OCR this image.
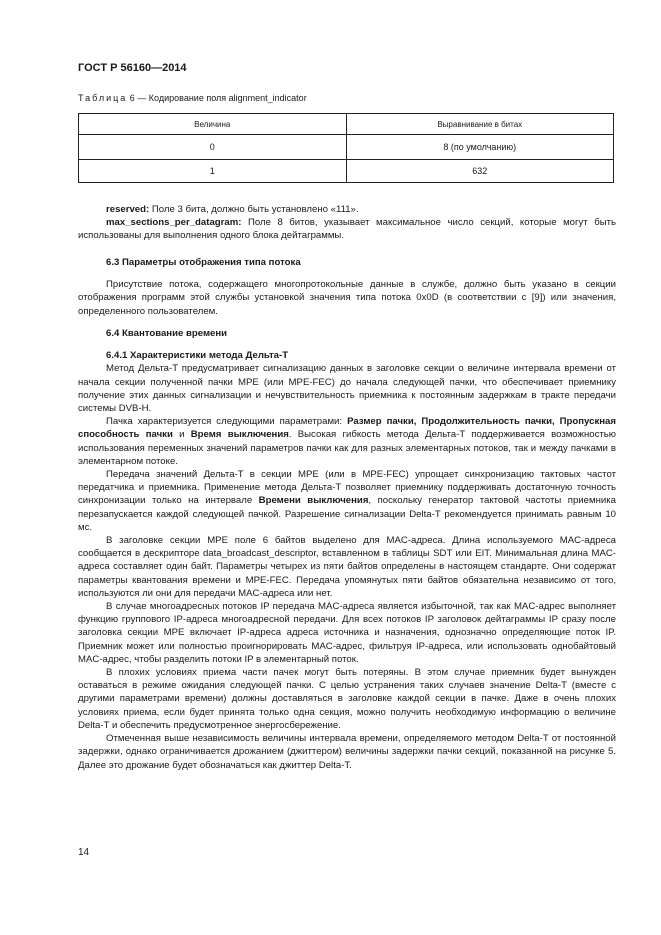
ГОСТ Р 56160—2014
Таблица 6 — Кодирование поля alignment_indicator
Величина	Выравнивание в битах
0	8 (по умолчанию)
1	632

reserved: Поле 3 бита, должно быть установлено «111».

max_sections_per_datagram: Поле 8 битов, указывает максимальное число секций, которые могут быть использованы для выполнения одного блока дейтаграммы.

6.3 Параметры отображения типа потока

Присутствие потока, содержащего многопротокольные данные в службе, должно быть указано в секции отображения программ этой службы установкой значения типа потока 0x0D (в соответствии с [9]) или значения, определенного пользователем.

6.4 Квантование времени

6.4.1 Характеристики метода Дельта-T

Метод Дельта-T предусматривает сигнализацию данных в заголовке секции о величине интервала времени от начала секции полученной пачки MPE (или MPE-FEC) до начала следующей пачки, что обеспечивает приемнику получение этих данных сигнализации и нечувствительность приемника к постоянным задержкам в тракте передачи системы DVB-H.

Пачка характеризуется следующими параметрами: Размер пачки, Продолжительность пачки, Пропускная способность пачки и Время выключения. Высокая гибкость метода Дельта-T поддерживается возможностью использования переменных значений параметров пачки как для разных элементарных потоков, так и между пачками в элементарном потоке.

Передача значений Дельта-T в секции MPE (или в MPE-FEC) упрощает синхронизацию тактовых частот передатчика и приемника. Применение метода Дельта-T позволяет приемнику поддерживать достаточную точность синхронизации только на интервале Времени выключения, поскольку генератор тактовой частоты приемника перезапускается каждой следующей пачкой. Разрешение сигнализации Delta-T рекомендуется принимать равным 10 мс.

В заголовке секции MPE поле 6 байтов выделено для MAC-адреса. Длина используемого MAC-адреса сообщается в дескрипторе data_broadcast_descriptor, вставленном в таблицы SDT или EIT. Минимальная длина MAC-адреса составляет один байт. Параметры четырех из пяти байтов определены в настоящем стандарте. Они содержат параметры квантования времени и MPE-FEC. Передача упомянутых пяти байтов обязательна независимо от того, используются ли они для передачи MAC-адреса или нет.

В случае многоадресных потоков IP передача MAC-адреса является избыточной, так как MAC-адрес выполняет функцию группового IP-адреса многоадресной передачи. Для всех потоков IP заголовок дейтаграммы IP сразу после заголовка секции MPE включает IP-адреса адреса источника и назначения, однозначно определяющие поток IP. Приемник может или полностью проигнорировать MAC-адрес, фильтруя IP-адреса, или использовать однобайтовый MAC-адрес, чтобы разделить потоки IP в элементарный поток.

В плохих условиях приема части пачек могут быть потеряны. В этом случае приемник будет вынужден оставаться в режиме ожидания следующей пачки. С целью устранения таких случаев значение Delta-T (вместе с другими параметрами времени) должны доставляться в заголовке каждой секции в пачке. Даже в очень плохих условиях приема, если будет принята только одна секция, можно получить необходимую информацию о величине Delta-T и обеспечить предусмотренное энергосбережение.

Отмеченная выше независимость величины интервала времени, определяемого методом Delta-T от постоянной задержки, однако ограничивается дрожанием (джиттером) величины задержки пачки секций, показанной на рисунке 5. Далее это дрожание будет обозначаться как джиттер Delta-T.

14
